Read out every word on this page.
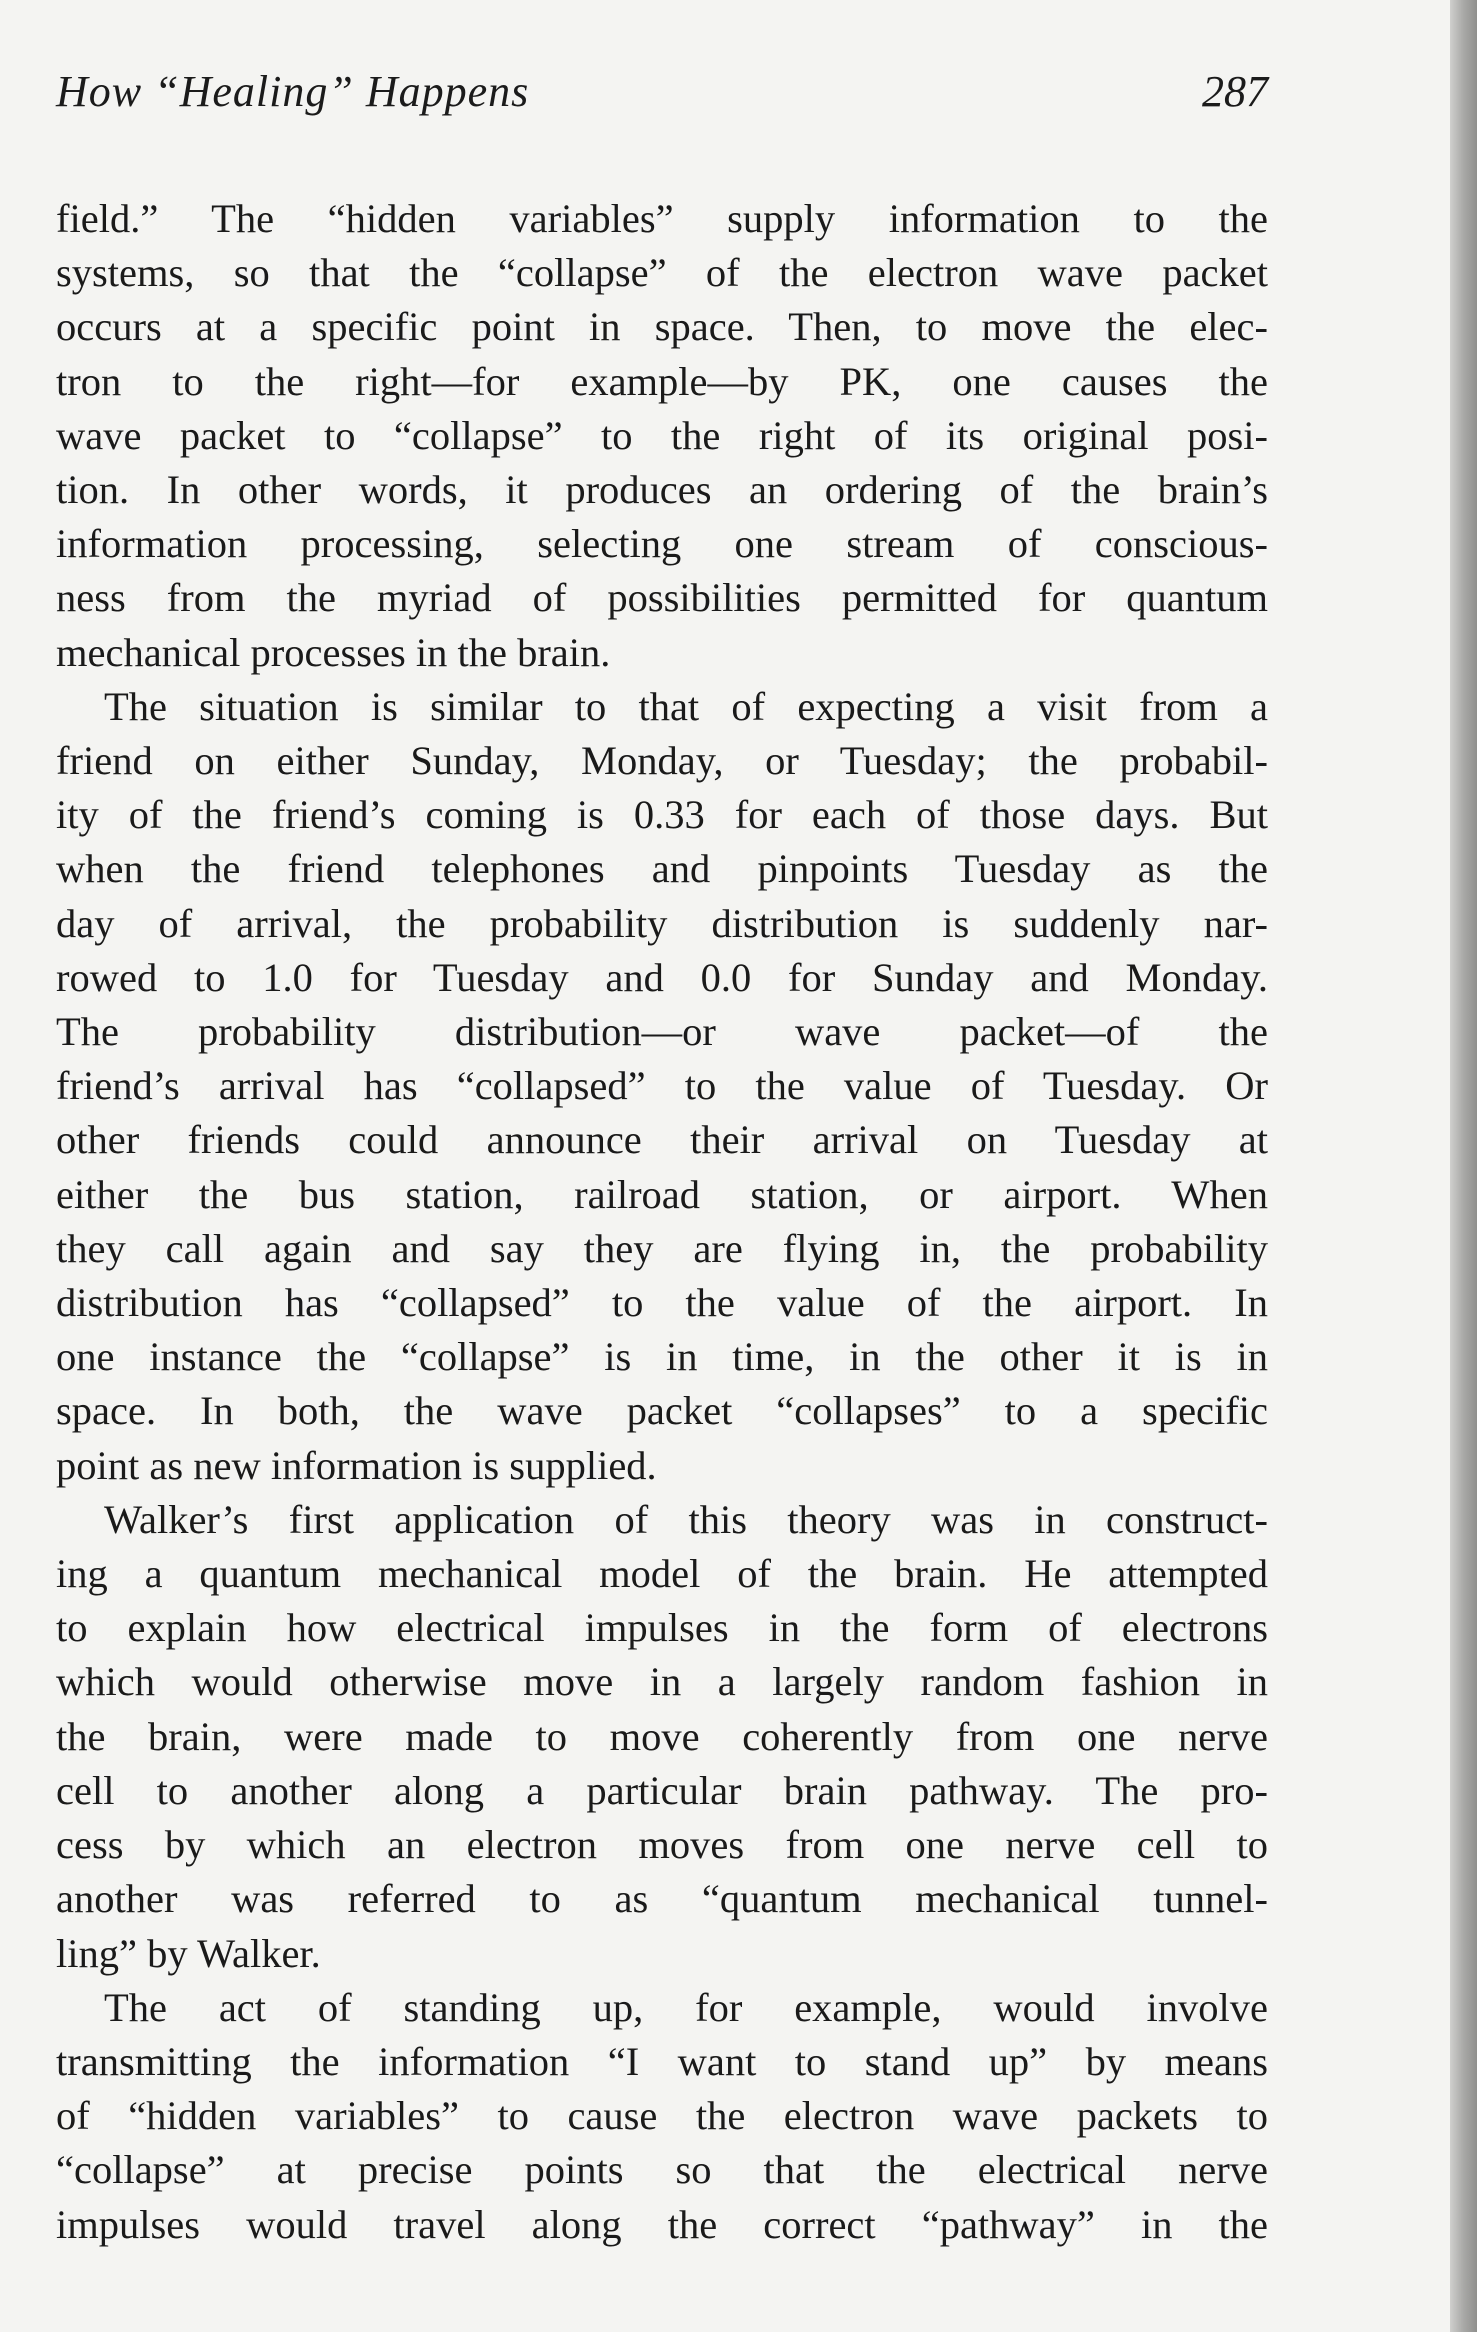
How “Healing” Happens	287

field.” The “hidden variables” supply information to the

systems, so that the “collapse” of the electron wave packet

occurs at a specific point in space. Then, to move the elec-

tron to the right—for example—by PK, one causes the

wave packet to “collapse” to the right of its original posi-

tion. In other words, it produces an ordering of the brain’s

information processing, selecting one stream of conscious-

ness from the myriad of possibilities permitted for quantum

mechanical processes in the brain.

The situation is similar to that of expecting a visit from a

friend on either Sunday, Monday, or Tuesday; the probabil-

ity of the friend’s coming is 0.33 for each of those days. But

when the friend telephones and pinpoints Tuesday as the

day of arrival, the probability distribution is suddenly nar-

rowed to 1.0 for Tuesday and 0.0 for Sunday and Monday.

The probability distribution—or wave packet—of the

friend’s arrival has “collapsed” to the value of Tuesday. Or

other friends could announce their arrival on Tuesday at

either the bus station, railroad station, or airport. When

they call again and say they are flying in, the probability

distribution has “collapsed” to the value of the airport. In

one instance the “collapse” is in time, in the other it is in

space. In both, the wave packet “collapses” to a specific

point as new information is supplied.

Walker’s first application of this theory was in construct-

ing a quantum mechanical model of the brain. He attempted

to explain how electrical impulses in the form of electrons

which would otherwise move in a largely random fashion in

the brain, were made to move coherently from one nerve

cell to another along a particular brain pathway. The pro-

cess by which an electron moves from one nerve cell to

another was referred to as “quantum mechanical tunnel-

ling” by Walker.

The act of standing up, for example, would involve

transmitting the information “I want to stand up” by means

of “hidden variables” to cause the electron wave packets to

“collapse” at precise points so that the electrical nerve

impulses would travel along the correct “pathway” in the
